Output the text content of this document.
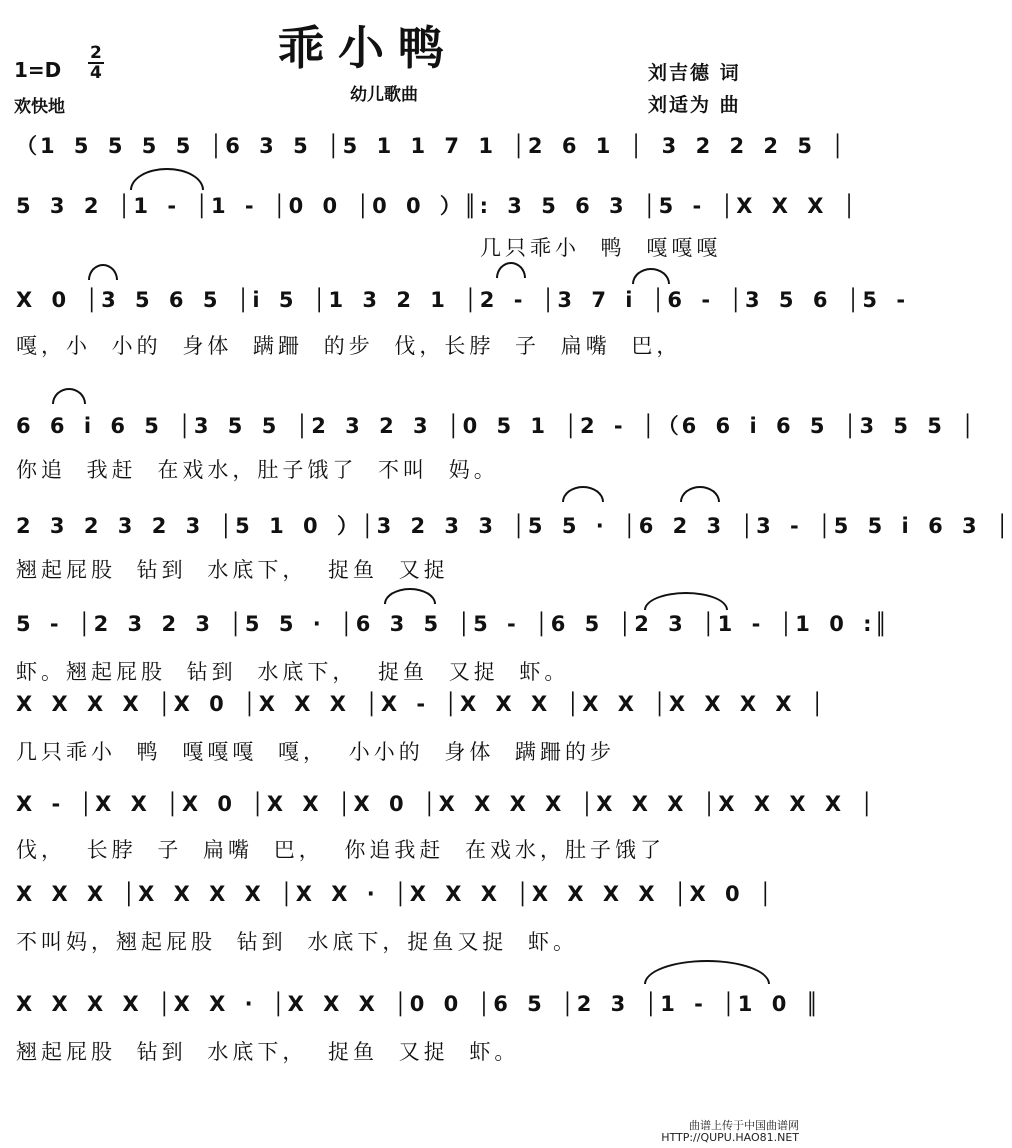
乖小鸭
$1=D \frac{2}{4}$
欢快地
幼儿歌曲
刘吉德 词
刘适为 曲
（1 5 5 5 5 │6 3 5 │5 1 1 7 1 │2 6 1 │ 3 2 2 2 5 │
5 3 2 │1 - │1 - │0 0 │0 0 ）║: 3 5 6 3 │5 - │X X X │
几只乖小 鸭 嘎嘎嘎
X 0 │3 5 6 5 │i 5 │1 3 2 1 │2 - │3 7 i │6 - │3 5 6 │5 -
嘎，小 小的 身体 蹒跚 的步 伐，长脖 子 扁嘴 巴，
6 6 i 6 5 │3 5 5 │2 3 2 3 │0 5 1 │2 - │（6 6 i 6 5 │3 5 5 │
你追 我赶 在戏水，肚子饿了 不叫 妈。
2 3 2 3 2 3 │5 1 0 ）│3 2 3 3 │5 5 · │6 2 3 │3 - │5 5 i 6 3 │
翘起屁股 钻到 水底下， 捉鱼 又捉
5 - │2 3 2 3 │5 5 · │6 3 5 │5 - │6 5 │2 3 │1 - │1 0 :║
虾。翘起屁股 钻到 水底下， 捉鱼 又捉 虾。
X X X X │X 0 │X X X │X - │X X X │X X │X X X X │
几只乖小 鸭 嘎嘎嘎 嘎， 小小的 身体 蹒跚的步
X - │X X │X 0 │X X │X 0 │X X X X │X X X │X X X X │
伐， 长脖 子 扁嘴 巴， 你追我赶 在戏水，肚子饿了
X X X │X X X X │X X · │X X X │X X X X │X 0 │
不叫妈，翘起屁股 钻到 水底下，捉鱼又捉 虾。
X X X X │X X · │X X X │0 0 │6 5 │2 3 │1 - │1 0 ║
翘起屁股 钻到 水底下， 捉鱼 又捉 虾。
曲谱上传于中国曲谱网
HTTP://QUPU.HAO81.NET
